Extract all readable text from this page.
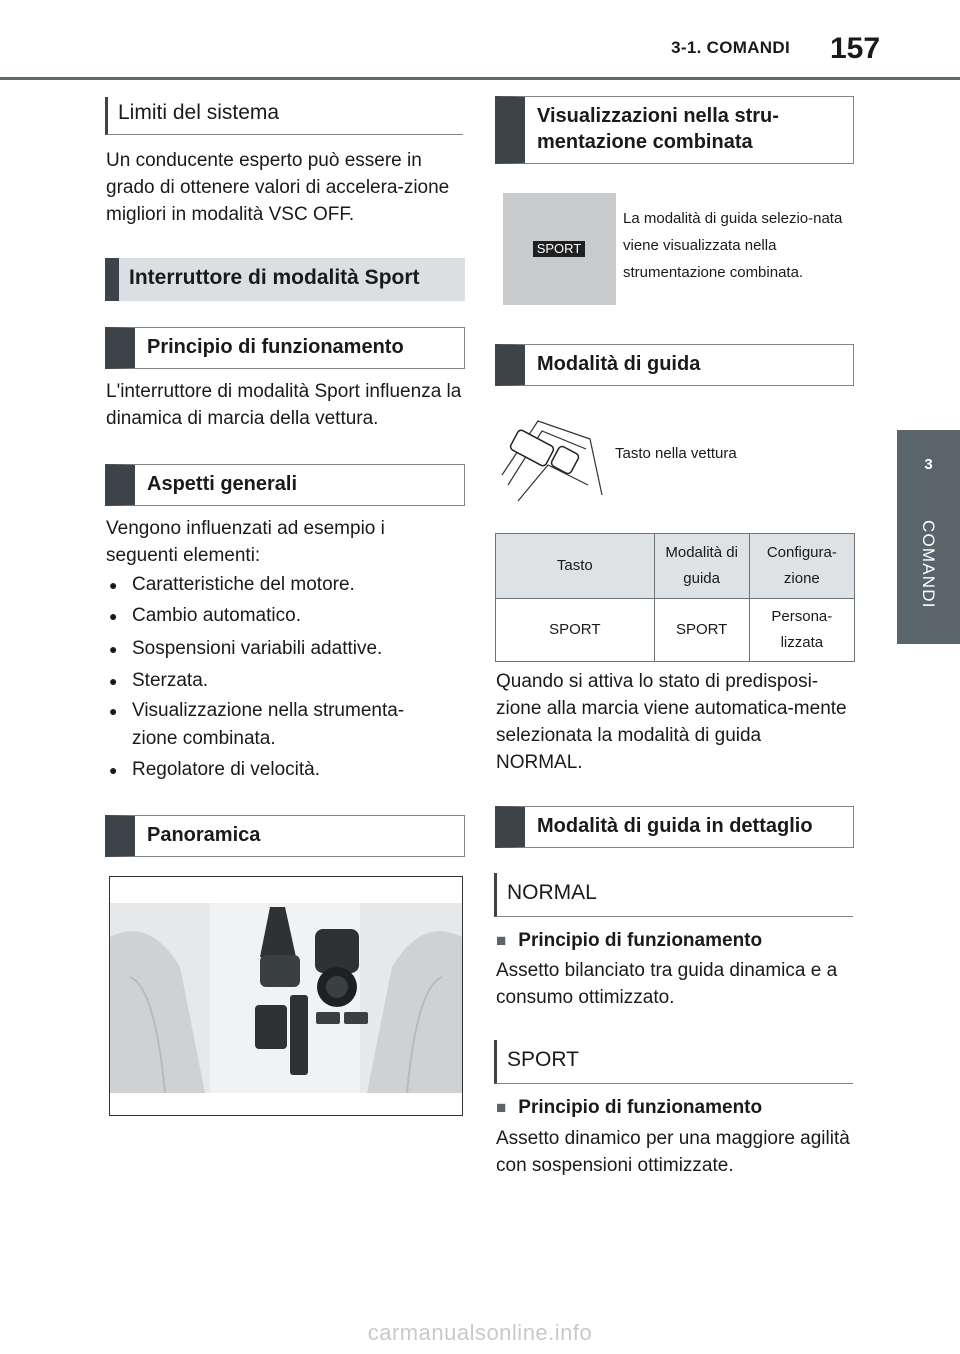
3-1. COMANDI 157
3
COMANDI
Limiti del sistema
Un conducente esperto può essere in grado di ottenere valori di accelera-zione migliori in modalità VSC OFF.
Interruttore di modalità Sport
Principio di funzionamento
L'interruttore di modalità Sport influenza la dinamica di marcia della vettura.
Aspetti generali
Vengono influenzati ad esempio i seguenti elementi:
● Caratteristiche del motore.
● Cambio automatico.
● Sospensioni variabili adattive.
● Sterzata.
● Visualizzazione nella strumenta-zione combinata.
● Regolatore di velocità.
Panoramica
Visualizzazioni nella stru-mentazione combinata
SPORT
La modalità di guida selezio-nata viene visualizzata nella strumentazione combinata.
Modalità di guida
Tasto nella vettura
Tasto	Modalità di guida	Configura-zione

SPORT	SPORT	Persona-lizzata
Quando si attiva lo stato di predisposi-zione alla marcia viene automatica-mente selezionata la modalità di guida NORMAL.
Modalità di guida in dettaglio
NORMAL
■ Principio di funzionamento
Assetto bilanciato tra guida dinamica e a consumo ottimizzato.
SPORT
■ Principio di funzionamento
Assetto dinamico per una maggiore agilità con sospensioni ottimizzate.
carmanualsonline.info
